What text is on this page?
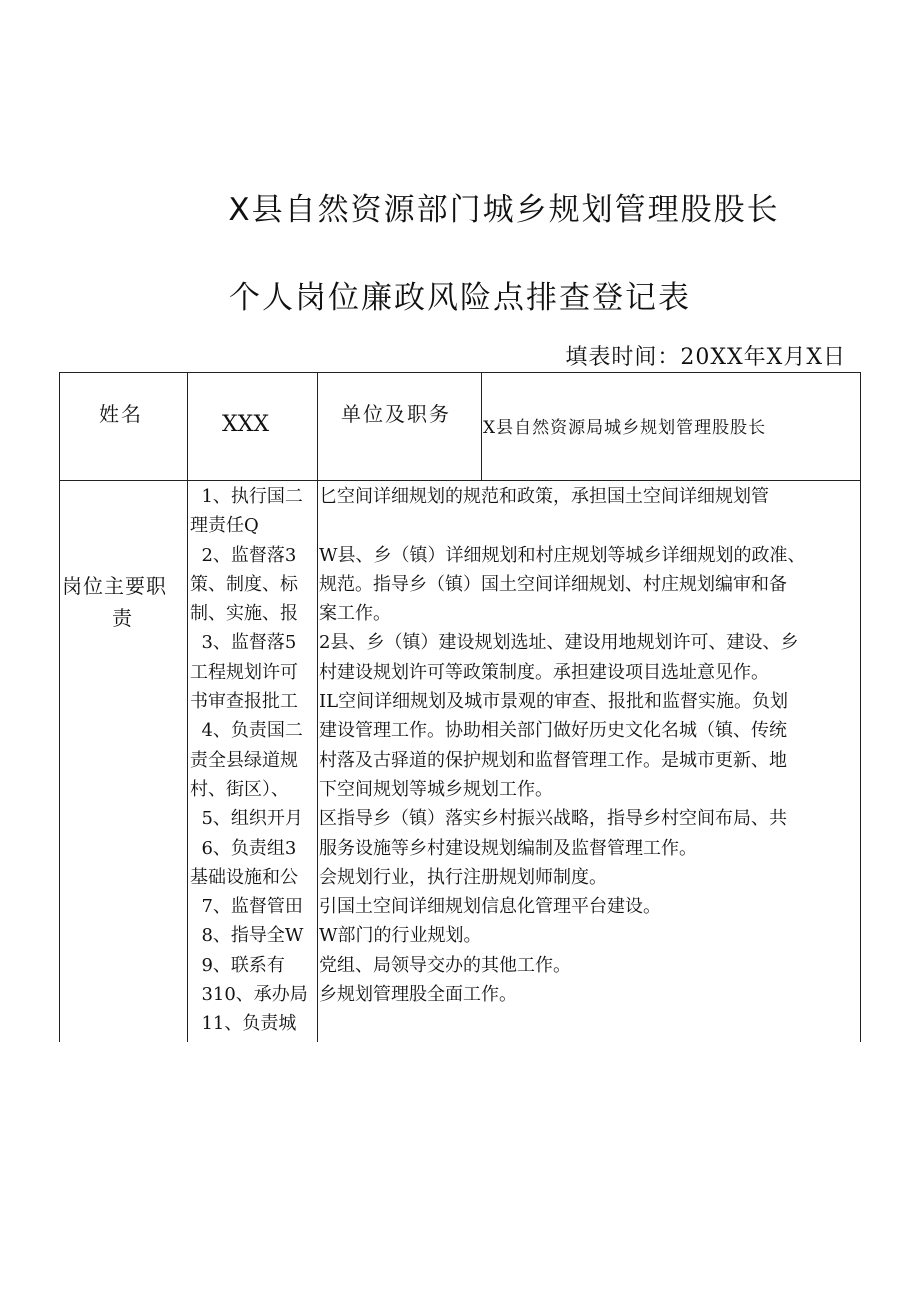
X县自然资源部门城乡规划管理股股长
个人岗位廉政风险点排查登记表
填表时间：20XX年X月X日
姓名	XXX	单位及职务
X县自然资源局城乡规划管理股股长
岗位主要职
责
1、执行国二
理责任Q
2、监督落3
策、制度、标
制、实施、报
3、监督落5
工程规划许可
书审查报批工
4、负责国二
责全县绿道规
村、街区）、
5、组织开月
6、负责组3
基础设施和公
7、监督管田
8、指导全W
9、联系有
310、承办局
11、负责城
匕空间详细规划的规范和政策，承担国土空间详细规划管
W县、乡（镇）详细规划和村庄规划等城乡详细规划的政准、
规范。指导乡（镇）国土空间详细规划、村庄规划编审和备
案工作。
2县、乡（镇）建设规划选址、建设用地规划许可、建设、乡
村建设规划许可等政策制度。承担建设项目选址意见作。
IL空间详细规划及城市景观的审查、报批和监督实施。负划
建设管理工作。协助相关部门做好历史文化名城（镇、传统
村落及古驿道的保护规划和监督管理工作。是城市更新、地
下空间规划等城乡规划工作。
区指导乡（镇）落实乡村振兴战略，指导乡村空间布局、共
服务设施等乡村建设规划编制及监督管理工作。
会规划行业，执行注册规划师制度。
引国土空间详细规划信息化管理平台建设。
W部门的行业规划。
党组、局领导交办的其他工作。
乡规划管理股全面工作。
